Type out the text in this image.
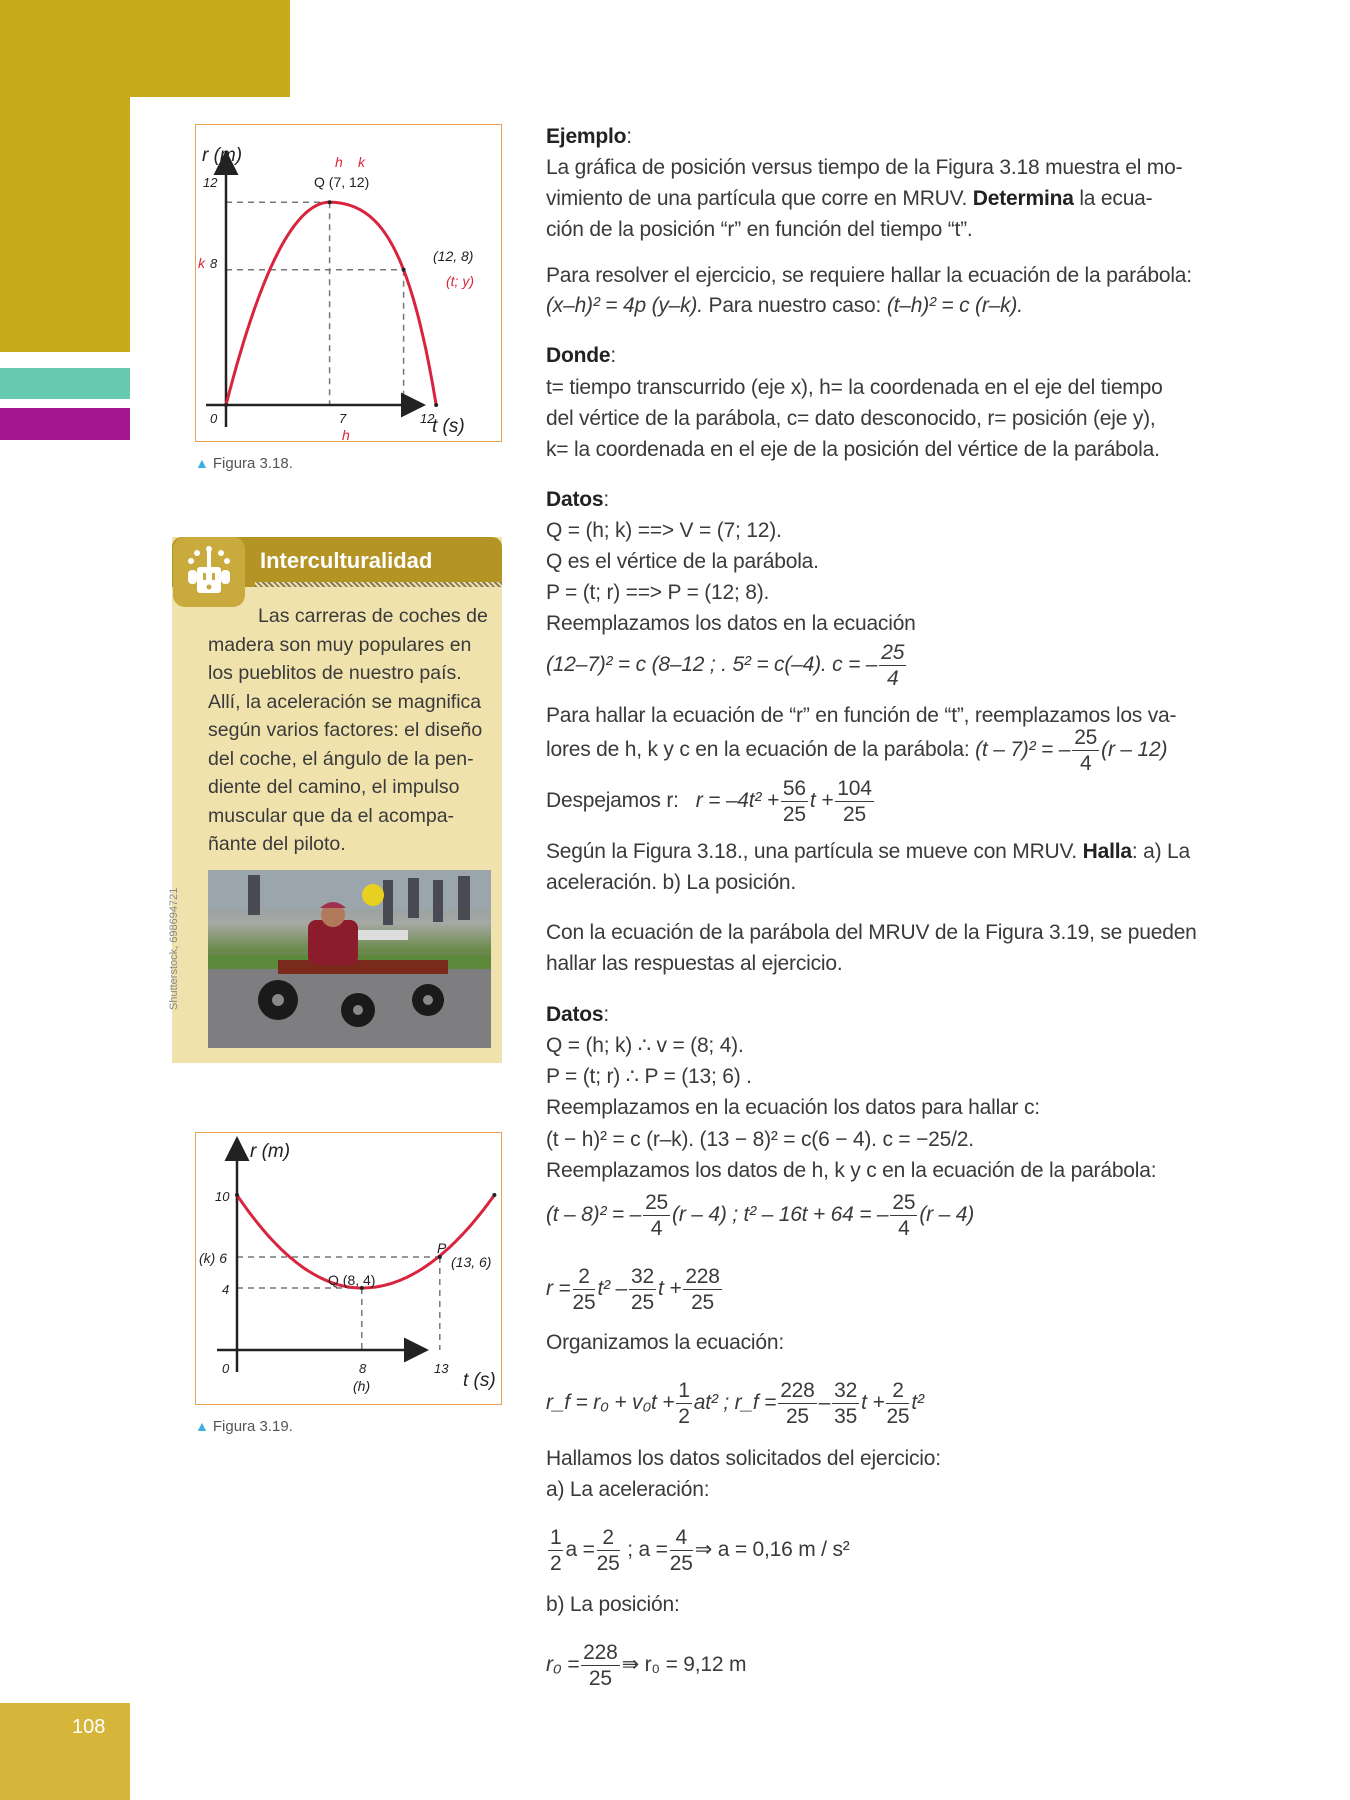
108
r (m)
t (s)
12
8
k
0	7	12
h
h k
Q (7, 12)
(12, 8)
(t; y)
▲ Figura 3.18.
Interculturalidad
Las carreras de coches de
madera son muy populares en
los pueblitos de nuestro país.
Allí, la aceleración se magnifica
según varios factores: el diseño
del coche, el ángulo de la pen-
diente del camino, el impulso
muscular que da el acompa-
ñante del piloto.
Shutterstock, 698694721
r (m)
t (s)
10
(k) 6
4
0	8	13
(h)
Q (8, 4)
P
(13, 6)
▲ Figura 3.19.
Ejemplo:
La gráfica de posición versus tiempo de la Figura 3.18 muestra el mo-
vimiento de una partícula que corre en MRUV. Determina la ecua-
ción de la posición “r” en función del tiempo “t”.
Para resolver el ejercicio, se requiere hallar la ecuación de la parábola:
(x–h)² = 4p (y–k). Para nuestro caso: (t–h)² = c (r–k).
Donde:
t= tiempo transcurrido (eje x), h= la coordenada en el eje del tiempo
del vértice de la parábola, c= dato desconocido, r= posición (eje y),
k= la coordenada en el eje de la posición del vértice de la parábola.
Datos:
Q = (h; k) ==> V = (7; 12).
Q es el vértice de la parábola.
P = (t; r) ==> P = (12; 8).
Reemplazamos los datos en la ecuación
(12–7)² = c (8–12 ; . 5² = c(–4). c = – $\frac{25}{4}$
Para hallar la ecuación de “r” en función de “t”, reemplazamos los va-
lores de h, k y c en la ecuación de la parábola: (t – 7)² = – $\frac{25}{4} (r - 12)$
Despejamos r: $r = -4t^2 + \frac{56}{25}$ $t + \frac{104}{25}$
Según la Figura 3.18., una partícula se mueve con MRUV. Halla: a) La
aceleración. b) La posición.
Con la ecuación de la parábola del MRUV de la Figura 3.19, se pueden
hallar las respuestas al ejercicio.
Datos:
Q = (h; k) ∴ v = (8; 4).
P = (t; r) ∴ P = (13; 6) .
Reemplazamos en la ecuación los datos para hallar c:
(t − h)² = c (r–k). (13 − 8)² = c(6 − 4). c = −25/2.
Reemplazamos los datos de h, k y c en la ecuación de la parábola:
(t – 8)² = – $\frac{25}{4} (r - 4)$ ; t² – 16t + 64 = – $\frac{25}{4} (r - 4)$
$r = \frac{2}{25} t^2 - \frac{32}{25}$ $t + \frac{228}{25}$
Organizamos la ecuación:
r_f = $r_0 + v_0t + \frac{1}{2} at^2$ ; r_f = $\frac{228}{25} - \frac{32}{35}$ $t + \frac{2}{25} t^2$
Hallamos los datos solicitados del ejercicio:
a) La aceleración:
$\frac{1}{2}$ $a = \frac{2}{25}$ ; $a = \frac{4}{25}$ ⇒ a = 0,16 m / s²
b) La posición:
$r_0 = \frac{228}{25}$ ⇛ r₀ = 9,12 m
